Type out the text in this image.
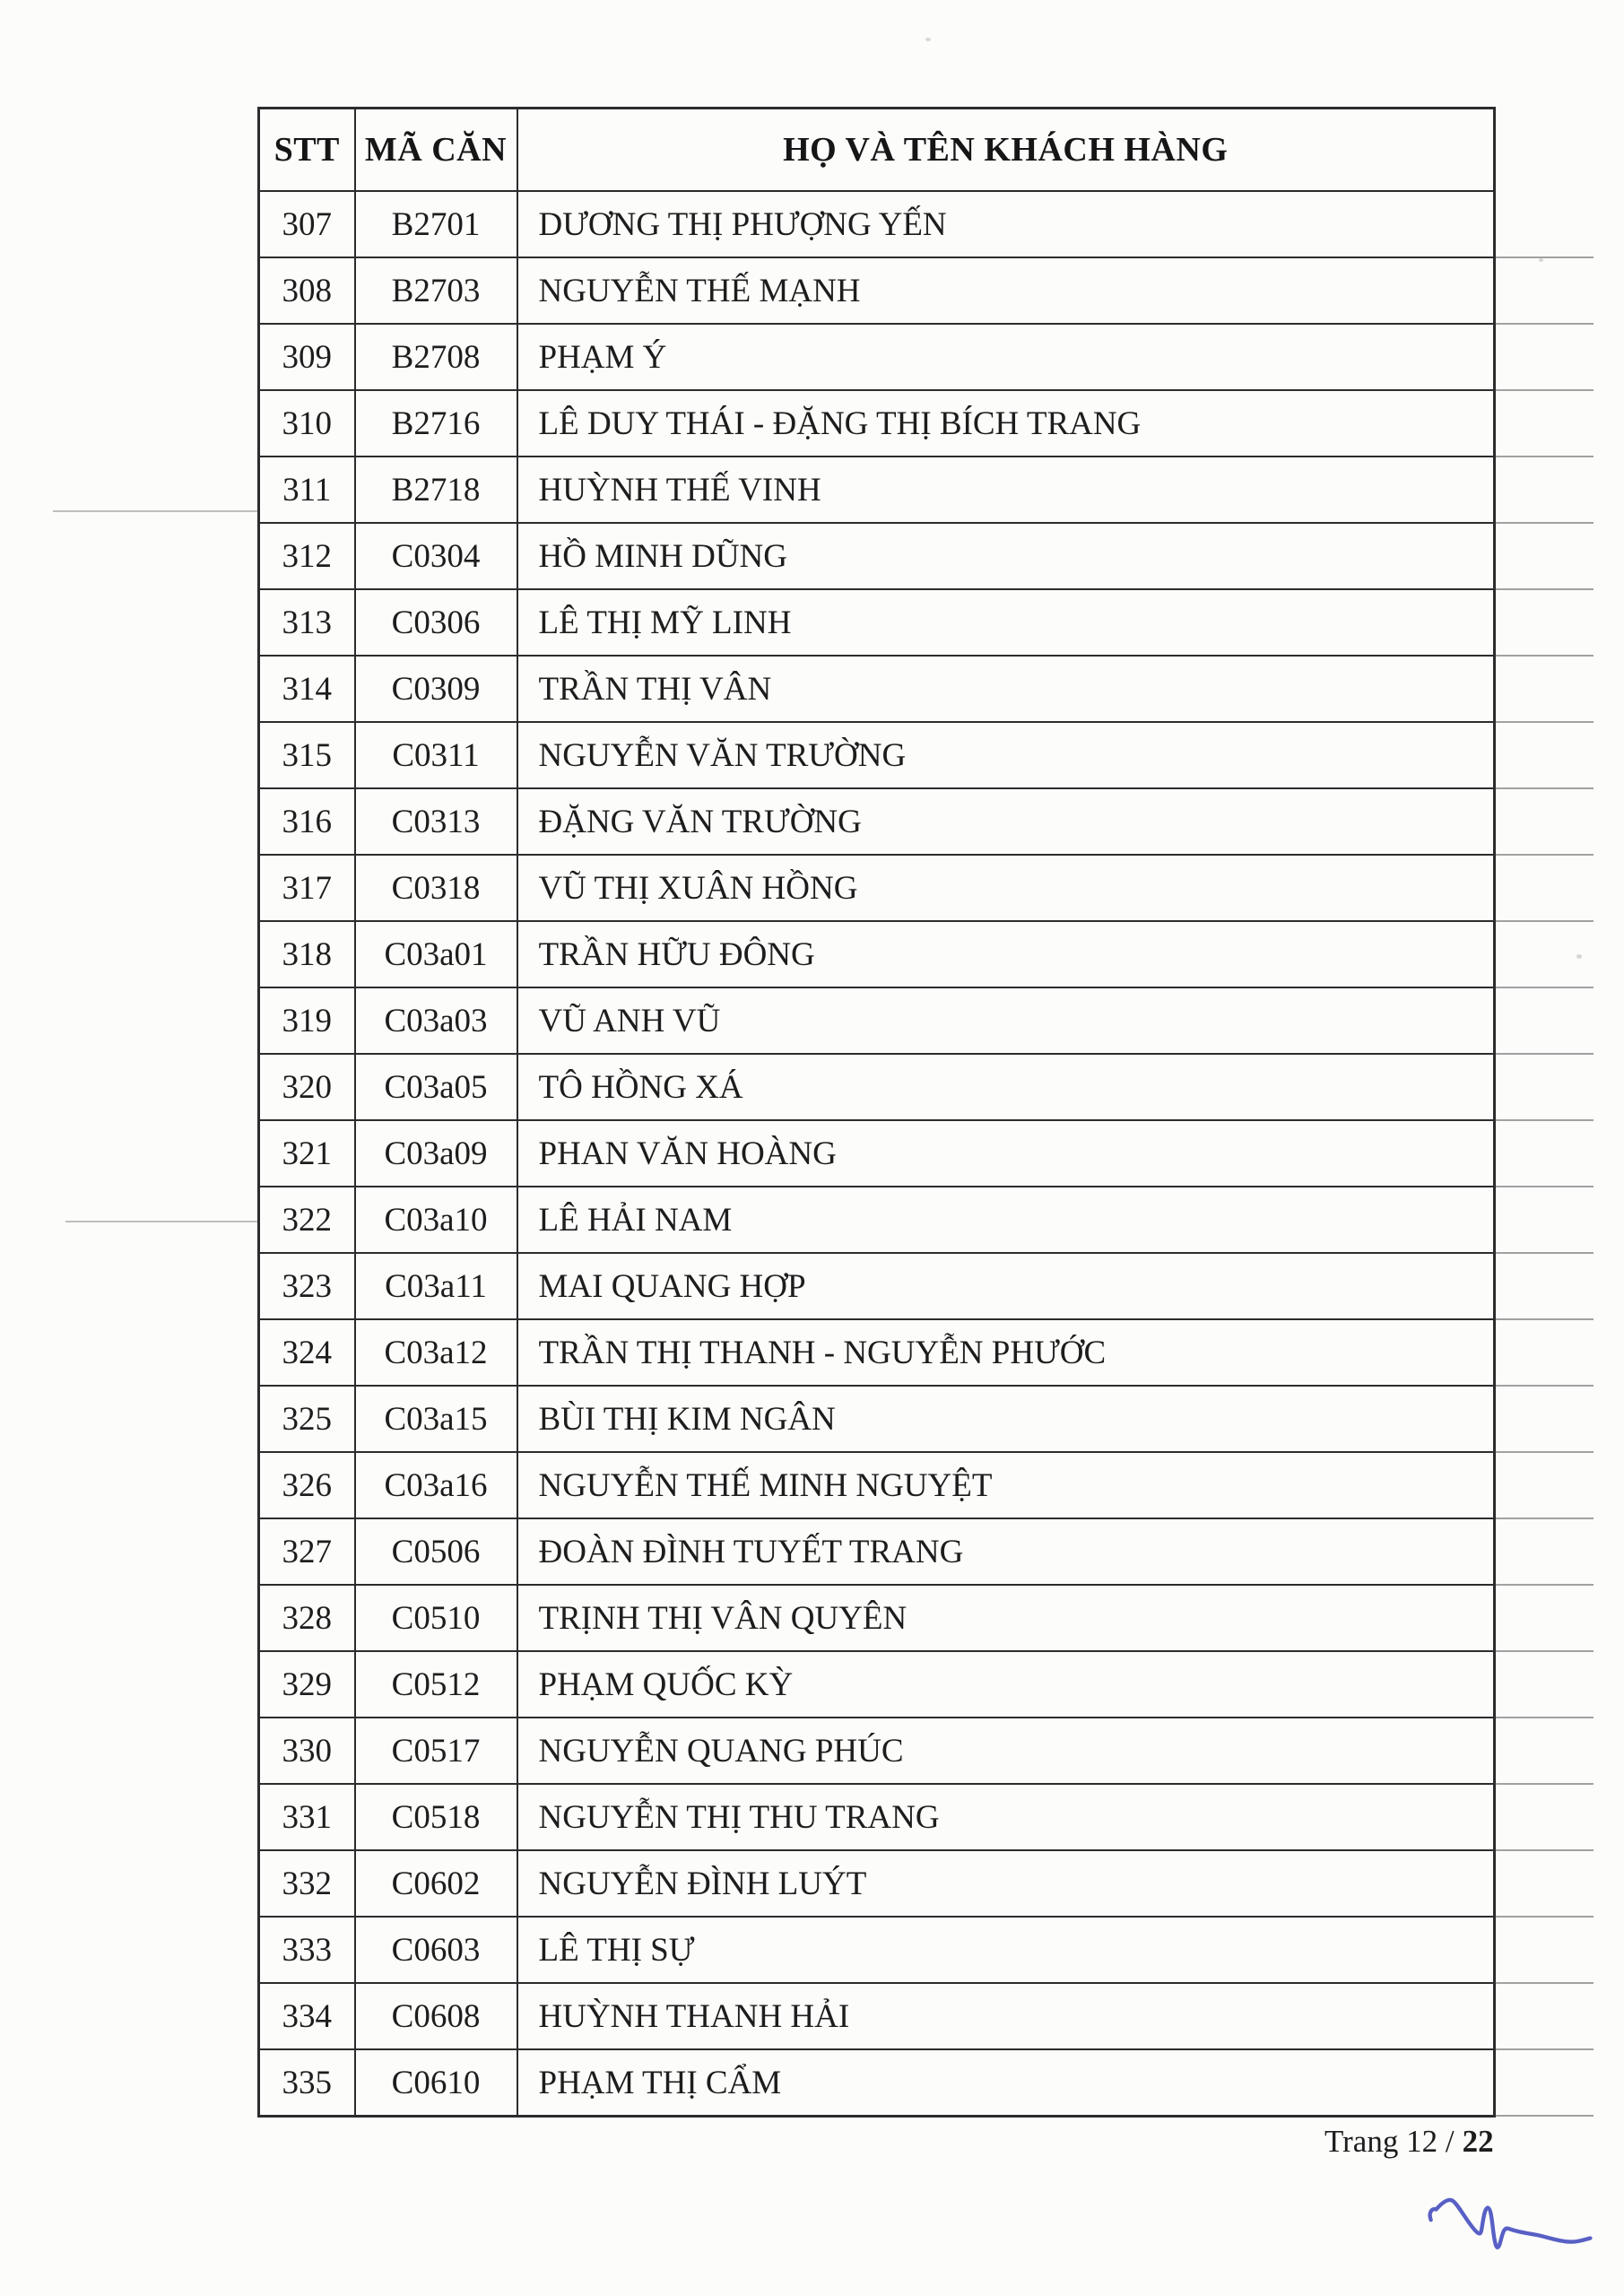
STT	MÃ CĂN	HỌ VÀ TÊN KHÁCH HÀNG
307	B2701	DƯƠNG THỊ PHƯỢNG YẾN
308	B2703	NGUYỄN THẾ MẠNH
309	B2708	PHẠM Ý
310	B2716	LÊ DUY THÁI - ĐẶNG THỊ BÍCH TRANG
311	B2718	HUỲNH THẾ VINH
312	C0304	HỒ MINH DŨNG
313	C0306	LÊ THỊ MỸ LINH
314	C0309	TRẦN THỊ VÂN
315	C0311	NGUYỄN VĂN TRƯỜNG
316	C0313	ĐẶNG VĂN TRƯỜNG
317	C0318	VŨ THỊ XUÂN HỒNG
318	C03a01	TRẦN HỮU ĐÔNG
319	C03a03	VŨ ANH VŨ
320	C03a05	TÔ HỒNG XÁ
321	C03a09	PHAN VĂN HOÀNG
322	C03a10	LÊ HẢI NAM
323	C03a11	MAI QUANG HỢP
324	C03a12	TRẦN THỊ THANH - NGUYỄN PHƯỚC
325	C03a15	BÙI THỊ KIM NGÂN
326	C03a16	NGUYỄN THẾ MINH NGUYỆT
327	C0506	ĐOÀN ĐÌNH TUYẾT TRANG
328	C0510	TRỊNH THỊ VÂN QUYÊN
329	C0512	PHẠM QUỐC KỲ
330	C0517	NGUYỄN QUANG PHÚC
331	C0518	NGUYỄN THỊ THU TRANG
332	C0602	NGUYỄN ĐÌNH LUÝT
333	C0603	LÊ THỊ SỰ
334	C0608	HUỲNH THANH HẢI
335	C0610	PHẠM THỊ CẨM
Trang 12 / 22
